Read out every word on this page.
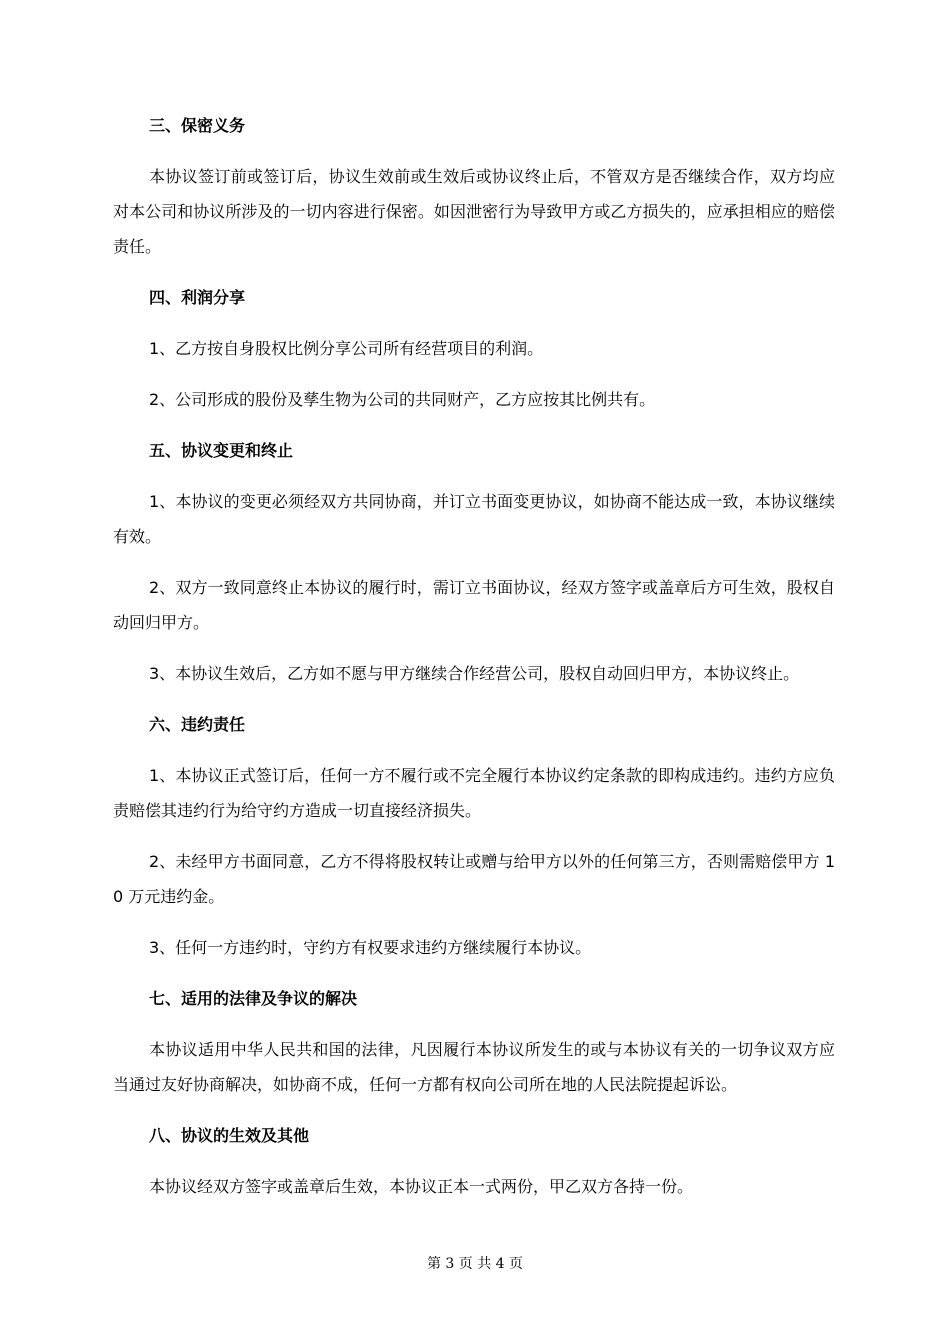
三、保密义务

本协议签订前或签订后，协议生效前或生效后或协议终止后，不管双方是否继续合作，双方均应对本公司和协议所涉及的一切内容进行保密。如因泄密行为导致甲方或乙方损失的，应承担相应的赔偿责任。

四、利润分享

1、乙方按自身股权比例分享公司所有经营项目的利润。

2、公司形成的股份及孳生物为公司的共同财产，乙方应按其比例共有。

五、协议变更和终止

1、本协议的变更必须经双方共同协商，并订立书面变更协议，如协商不能达成一致，本协议继续有效。

2、双方一致同意终止本协议的履行时，需订立书面协议，经双方签字或盖章后方可生效，股权自动回归甲方。

3、本协议生效后，乙方如不愿与甲方继续合作经营公司，股权自动回归甲方，本协议终止。

六、违约责任

1、本协议正式签订后，任何一方不履行或不完全履行本协议约定条款的即构成违约。违约方应负责赔偿其违约行为给守约方造成一切直接经济损失。

2、未经甲方书面同意，乙方不得将股权转让或赠与给甲方以外的任何第三方，否则需赔偿甲方 10 万元违约金。

3、任何一方违约时，守约方有权要求违约方继续履行本协议。

七、适用的法律及争议的解决

本协议适用中华人民共和国的法律，凡因履行本协议所发生的或与本协议有关的一切争议双方应当通过友好协商解决，如协商不成，任何一方都有权向公司所在地的人民法院提起诉讼。

八、协议的生效及其他

本协议经双方签字或盖章后生效，本协议正本一式两份，甲乙双方各持一份。

第 3 页 共 4 页
